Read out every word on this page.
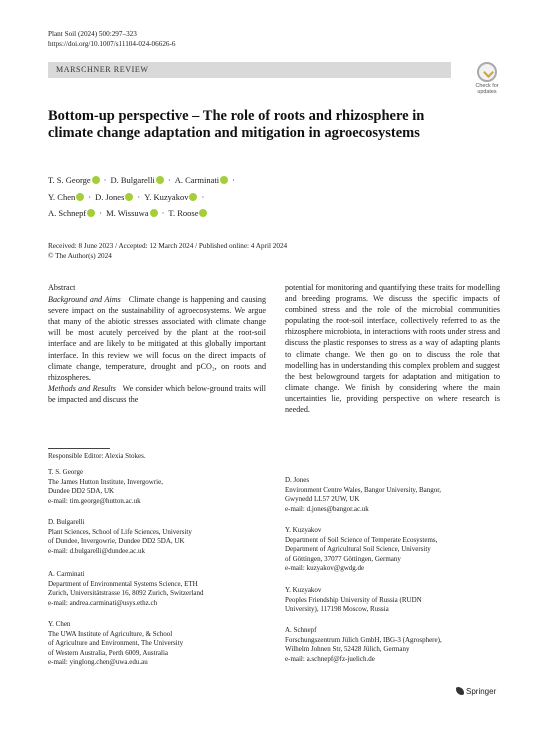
Plant Soil (2024) 500:297–323
https://doi.org/10.1007/s11104-024-06626-6
MARSCHNER REVIEW
Check for
updates
Bottom-up perspective – The role of roots and rhizosphere in climate change adaptation and mitigation in agroecosystems
T. S. George · D. Bulgarelli · A. Carminati ·
Y. Chen · D. Jones · Y. Kuzyakov ·
A. Schnepf · M. Wissuwa · T. Roose
Received: 8 June 2023 / Accepted: 12 March 2024 / Published online: 4 April 2024
© The Author(s) 2024
Abstract

Background and Aims Climate change is happening and causing severe impact on the sustainability of agroecosystems. We argue that many of the abiotic stresses associated with climate change will be most acutely perceived by the plant at the root-soil interface and are likely to be mitigated at this globally important interface. In this review we will focus on the direct impacts of climate change, temperature, drought and pCO₂, on roots and rhizospheres.

Methods and Results We consider which below-ground traits will be impacted and discuss the

potential for monitoring and quantifying these traits for modelling and breeding programs. We discuss the specific impacts of combined stress and the role of the microbial communities populating the root-soil interface, collectively referred to as the rhizosphere microbiota, in interactions with roots under stress and discuss the plastic responses to stress as a way of adapting plants to climate change. We then go on to discuss the role that modelling has in understanding this complex problem and suggest the best belowground targets for adaptation and mitigation to climate change. We finish by considering where the main uncertainties lie, providing perspective on where research is needed.
Responsible Editor: Alexia Stokes.
T. S. George
The James Hutton Institute, Invergowrie,
Dundee DD2 5DA, UK
e-mail: tim.george@hutton.ac.uk
D. Bulgarelli
Plant Sciences, School of Life Sciences, University
of Dundee, Invergowrie, Dundee DD2 5DA, UK
e-mail: d.bulgarelli@dundee.ac.uk
A. Carminati
Department of Environmental Systems Science, ETH
Zurich, Universitätstrasse 16, 8092 Zurich, Switzerland
e-mail: andrea.carminati@usys.ethz.ch
Y. Chen
The UWA Institute of Agriculture, & School
of Agriculture and Environment, The University
of Western Australia, Perth 6009, Australia
e-mail: yinglong.chen@uwa.edu.au
D. Jones
Environment Centre Wales, Bangor University, Bangor,
Gwynedd LL57 2UW, UK
e-mail: d.jones@bangor.ac.uk
Y. Kuzyakov
Department of Soil Science of Temperate Ecosystems,
Department of Agricultural Soil Science, University
of Göttingen, 37077 Göttingen, Germany
e-mail: kuzyakov@gwdg.de
Y. Kuzyakov
Peoples Friendship University of Russia (RUDN
University), 117198 Moscow, Russia
A. Schnepf
Forschungszentrum Jülich GmbH, IBG-3 (Agrosphere),
Wilhelm Johnen Str, 52428 Jülich, Germany
e-mail: a.schnepf@fz-juelich.de
Springer
